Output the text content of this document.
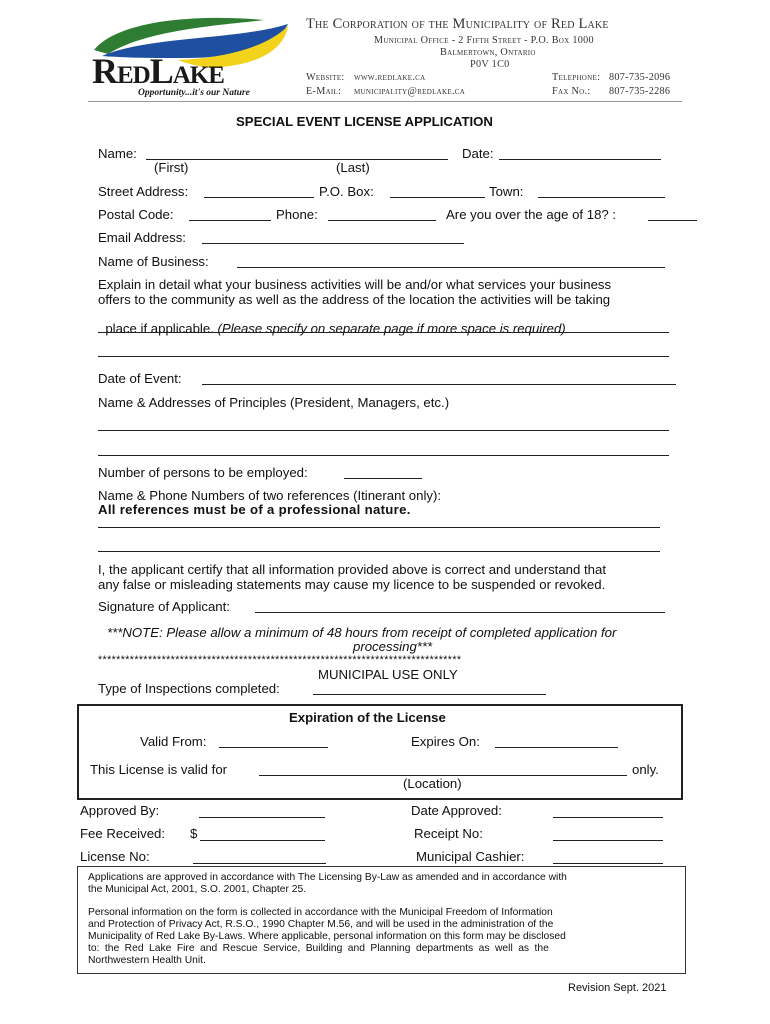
RedLake

Opportunity...it's our Nature

The Corporation of the Municipality of Red Lake
Municipal Office - 2 Fifth Street - P.O. Box 1000
Balmertown, Ontario
P0V 1C0
Website: www.redlake.ca
E-Mail: municipality@redlake.ca
Telephone: 807-735-2096
Fax No.: 807-735-2286
SPECIAL EVENT LICENSE APPLICATION
Name:
(First)	(Last)
Date:
Street Address:	P.O. Box:	Town:
Postal Code:	Phone:	Are you over the age of 18? :
Email Address:
Name of Business:
Explain in detail what your business activities will be and/or what services your business
offers to the community as well as the address of the location the activities will be taking

place if applicable. (Please specify on separate page if more space is required)

Date of Event:
Name & Addresses of Principles (President, Managers, etc.)
Number of persons to be employed:
Name & Phone Numbers of two references (Itinerant only):
All references must be of a professional nature.
I, the applicant certify that all information provided above is correct and understand that
any false or misleading statements may cause my licence to be suspended or revoked.
Signature of Applicant:
***NOTE: Please allow a minimum of 48 hours from receipt of completed application for
processing***
********************************************************************************
MUNICIPAL USE ONLY
Type of Inspections completed:
Expiration of the License
Valid From:	Expires On:
This License is valid for	only.
(Location)
Approved By:	Date Approved:
Fee Received: $	Receipt No:
License No:	Municipal Cashier:
Applications are approved in accordance with The Licensing By-Law as amended and in accordance with
the Municipal Act, 2001, S.O. 2001, Chapter 25.
Personal information on the form is collected in accordance with the Municipal Freedom of Information
and Protection of Privacy Act, R.S.O., 1990 Chapter M.56, and will be used in the administration of the
Municipality of Red Lake By-Laws. Where applicable, personal information on this form may be disclosed
to: the Red Lake Fire and Rescue Service, Building and Planning departments as well as the
Northwestern Health Unit.
Revision Sept. 2021
